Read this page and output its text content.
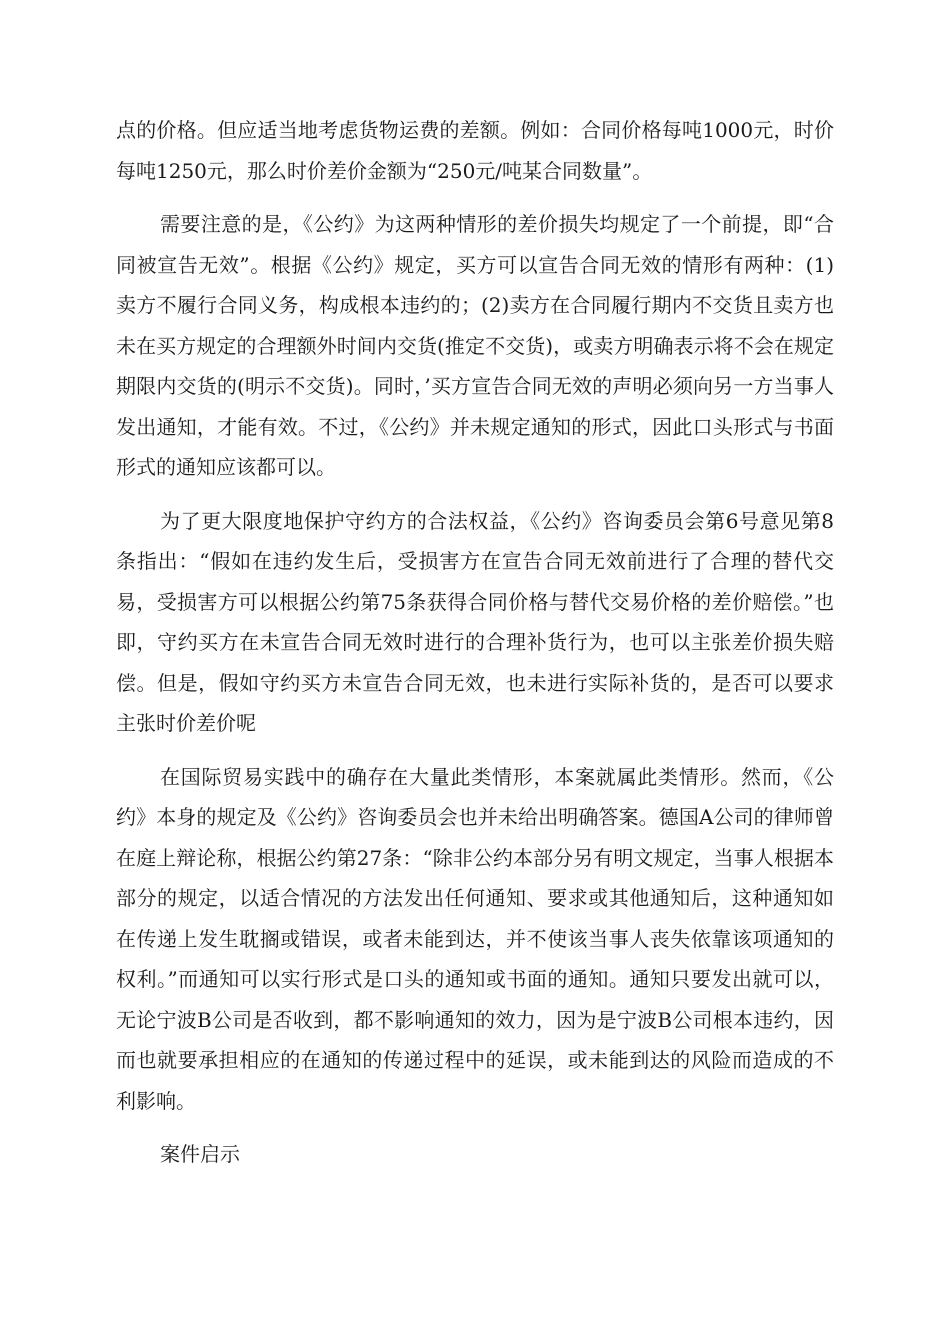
点的价格。但应适当地考虑货物运费的差额。例如：合同价格每吨1000元，时价每吨1250元，那么时价差价金额为“250元/吨某合同数量”。

需要注意的是，《公约》为这两种情形的差价损失均规定了一个前提，即“合同被宣告无效”。根据《公约》规定，买方可以宣告合同无效的情形有两种：(1)卖方不履行合同义务，构成根本违约的；(2)卖方在合同履行期内不交货且卖方也未在买方规定的合理额外时间内交货(推定不交货)，或卖方明确表示将不会在规定期限内交货的(明示不交货)。同时，’买方宣告合同无效的声明必须向另一方当事人发出通知，才能有效。不过，《公约》并未规定通知的形式，因此口头形式与书面形式的通知应该都可以。

为了更大限度地保护守约方的合法权益，《公约》咨询委员会第6号意见第8条指出：“假如在违约发生后，受损害方在宣告合同无效前进行了合理的替代交易，受损害方可以根据公约第75条获得合同价格与替代交易价格的差价赔偿。”也即，守约买方在未宣告合同无效时进行的合理补货行为，也可以主张差价损失赔偿。但是，假如守约买方未宣告合同无效，也未进行实际补货的，是否可以要求主张时价差价呢

在国际贸易实践中的确存在大量此类情形，本案就属此类情形。然而，《公约》本身的规定及《公约》咨询委员会也并未给出明确答案。德国A公司的律师曾在庭上辩论称，根据公约第27条：“除非公约本部分另有明文规定，当事人根据本部分的规定，以适合情况的方法发出任何通知、要求或其他通知后，这种通知如在传递上发生耽搁或错误，或者未能到达，并不使该当事人丧失依靠该项通知的权利。”而通知可以实行形式是口头的通知或书面的通知。通知只要发出就可以，无论宁波B公司是否收到，都不影响通知的效力，因为是宁波B公司根本违约，因而也就要承担相应的在通知的传递过程中的延误，或未能到达的风险而造成的不利影响。

案件启示
